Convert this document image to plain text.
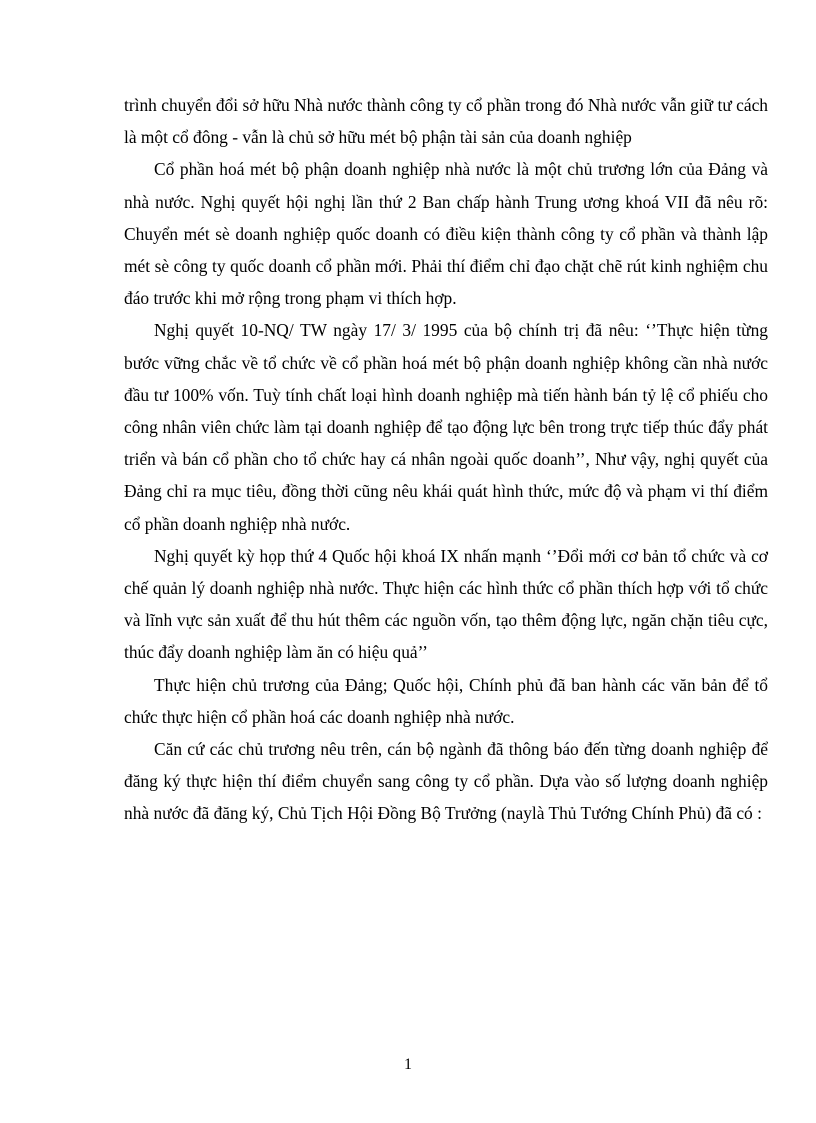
trình chuyển đổi sở hữu Nhà nước thành công ty cổ phần trong đó Nhà nước vẫn giữ tư cách là một cổ đông - vẫn là chủ sở hữu mét bộ phận tài sản của doanh nghiệp

Cổ phần hoá mét bộ phận doanh nghiệp nhà nước là một chủ trương lớn của Đảng và nhà nước. Nghị quyết hội nghị lần thứ 2 Ban chấp hành Trung ương khoá VII đã nêu rõ: Chuyển mét sè doanh nghiệp quốc doanh có điều kiện thành công ty cổ phần và thành lập mét sè công ty quốc doanh cổ phần mới. Phải thí điểm chỉ đạo chặt chẽ rút kinh nghiệm chu đáo trước khi mở rộng trong phạm vi thích hợp.

Nghị quyết 10-NQ/ TW ngày 17/ 3/ 1995 của bộ chính trị đã nêu: ‘’Thực hiện từng bước vững chắc về tổ chức về cổ phần hoá mét bộ phận doanh nghiệp không cần nhà nước đầu tư 100% vốn. Tuỳ tính chất loại hình doanh nghiệp mà tiến hành bán tỷ lệ cổ phiếu cho công nhân viên chức làm tại doanh nghiệp để tạo động lực bên trong trực tiếp thúc đẩy phát triển và bán cổ phần cho tổ chức hay cá nhân ngoài quốc doanh’’, Như vậy, nghị quyết của Đảng chỉ ra mục tiêu, đồng thời cũng nêu khái quát hình thức, mức độ và phạm vi thí điểm cổ phần doanh nghiệp nhà nước.

Nghị quyết kỳ họp thứ 4 Quốc hội khoá IX nhấn mạnh ‘’Đổi mới cơ bản tổ chức và cơ chế quản lý doanh nghiệp nhà nước. Thực hiện các hình thức cổ phần thích hợp với tổ chức và lĩnh vực sản xuất để thu hút thêm các nguồn vốn, tạo thêm động lực, ngăn chặn tiêu cực, thúc đẩy doanh nghiệp làm ăn có hiệu quả’’

Thực hiện chủ trương của Đảng; Quốc hội, Chính phủ đã ban hành các văn bản để tổ chức thực hiện cổ phần hoá các doanh nghiệp nhà nước.

Căn cứ các chủ trương nêu trên, cán bộ ngành đã thông báo đến từng doanh nghiệp để đăng ký thực hiện thí điểm chuyển sang công ty cổ phần. Dựa vào số lượng doanh nghiệp nhà nước đã đăng ký, Chủ Tịch Hội Đồng Bộ Trưởng (naylà Thủ Tướng Chính Phủ) đã có :

1
